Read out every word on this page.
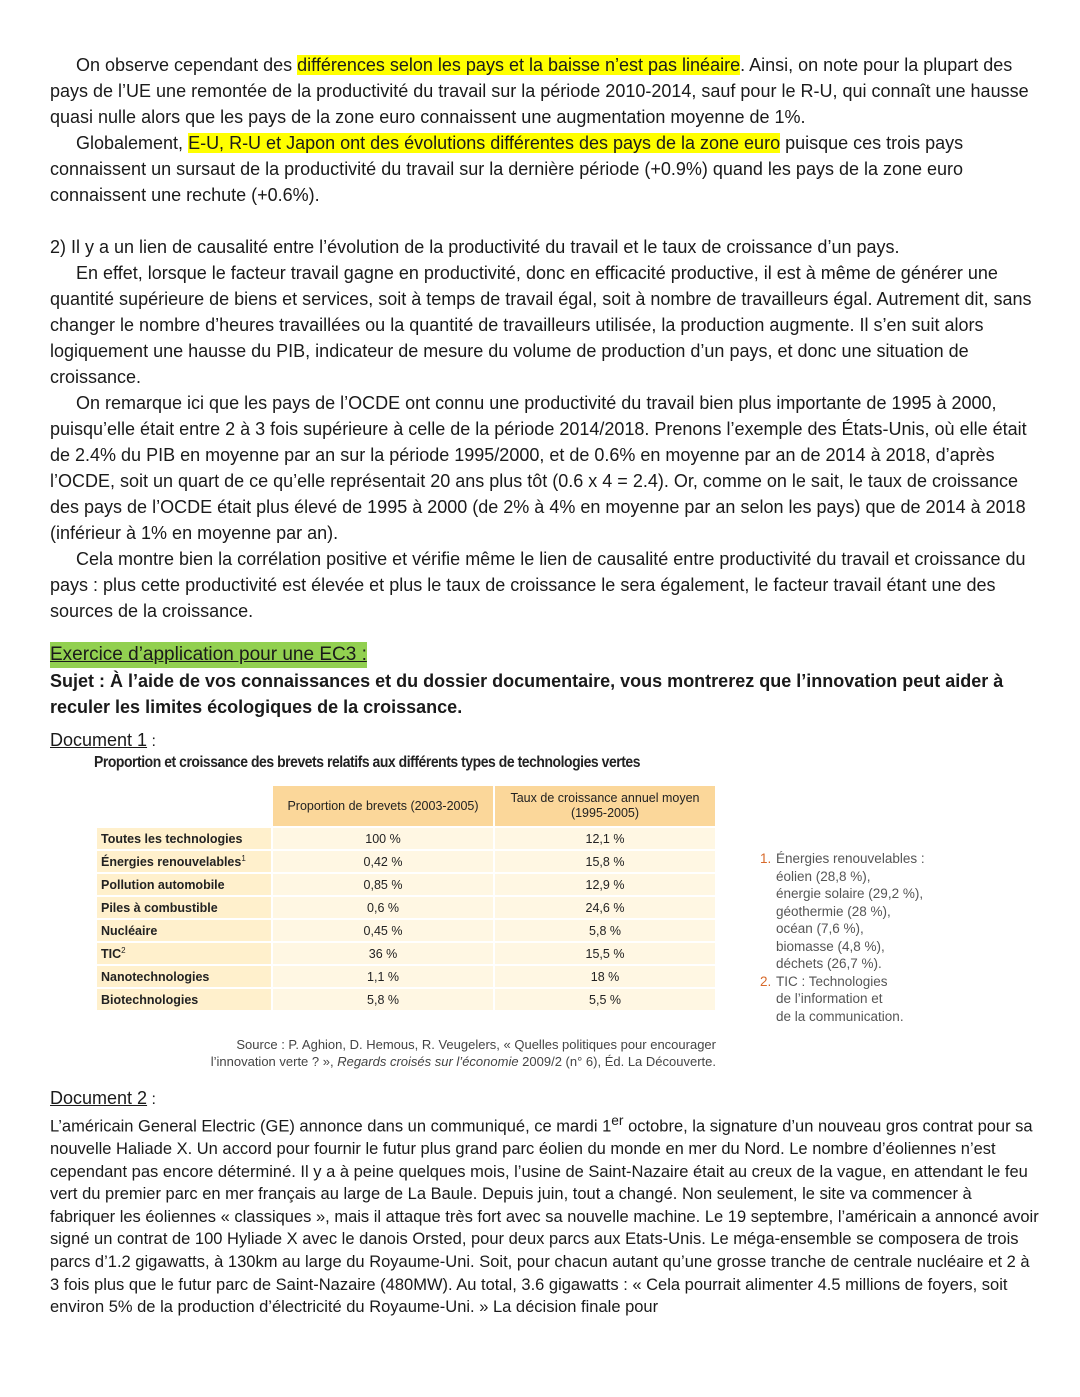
On observe cependant des différences selon les pays et la baisse n’est pas linéaire. Ainsi, on note pour la plupart des pays de l’UE une remontée de la productivité du travail sur la période 2010-2014, sauf pour le R-U, qui connaît une hausse quasi nulle alors que les pays de la zone euro connaissent une augmentation moyenne de 1%.

Globalement, E-U, R-U et Japon ont des évolutions différentes des pays de la zone euro puisque ces trois pays connaissent un sursaut de la productivité du travail sur la dernière période (+0.9%) quand les pays de la zone euro connaissent une rechute (+0.6%).

2) Il y a un lien de causalité entre l’évolution de la productivité du travail et le taux de croissance d’un pays.

En effet, lorsque le facteur travail gagne en productivité, donc en efficacité productive, il est à même de générer une quantité supérieure de biens et services, soit à temps de travail égal, soit à nombre de travailleurs égal. Autrement dit, sans changer le nombre d’heures travaillées ou la quantité de travailleurs utilisée, la production augmente. Il s’en suit alors logiquement une hausse du PIB, indicateur de mesure du volume de production d’un pays, et donc une situation de croissance.

On remarque ici que les pays de l’OCDE ont connu une productivité du travail bien plus importante de 1995 à 2000, puisqu’elle était entre 2 à 3 fois supérieure à celle de la période 2014/2018. Prenons l’exemple des États-Unis, où elle était de 2.4% du PIB en moyenne par an sur la période 1995/2000, et de 0.6% en moyenne par an de 2014 à 2018, d’après l’OCDE, soit un quart de ce qu’elle représentait 20 ans plus tôt (0.6 x 4 = 2.4). Or, comme on le sait, le taux de croissance des pays de l’OCDE était plus élevé de 1995 à 2000 (de 2% à 4% en moyenne par an selon les pays) que de 2014 à 2018 (inférieur à 1% en moyenne par an).

Cela montre bien la corrélation positive et vérifie même le lien de causalité entre productivité du travail et croissance du pays : plus cette productivité est élevée et plus le taux de croissance le sera également, le facteur travail étant une des sources de la croissance.

Exercice d’application pour une EC3 :

Sujet : À l’aide de vos connaissances et du dossier documentaire, vous montrerez que l’innovation peut aider à reculer les limites écologiques de la croissance.

Document 1 :
Proportion et croissance des brevets relatifs aux différents types de technologies vertes
	Proportion de brevets (2003-2005)	Taux de croissance annuel moyen (1995-2005)
Toutes les technologies	100 %	12,1 %
Énergies renouvelables$^1$	0,42 %	15,8 %
Pollution automobile	0,85 %	12,9 %
Piles à combustible	0,6 %	24,6 %
Nucléaire	0,45 %	5,8 %
TIC$^2$	36 %	15,5 %
Nanotechnologies	1,1 %	18 %
Biotechnologies	5,8 %	5,5 %
Source : P. Aghion, D. Hemous, R. Veugelers, « Quelles politiques pour encourager
l’innovation verte ? », Regards croisés sur l’économie 2009/2 (n° 6), Éd. La Découverte.
1. Énergies renouvelables :
éolien (28,8 %),
énergie solaire (29,2 %),
géothermie (28 %),
océan (7,6 %),
biomasse (4,8 %),
déchets (26,7 %).
2. TIC : Technologies
de l’information et
de la communication.
Document 2 :

L’américain General Electric (GE) annonce dans un communiqué, ce mardi 1er octobre, la signature d’un nouveau gros contrat pour sa nouvelle Haliade X. Un accord pour fournir le futur plus grand parc éolien du monde en mer du Nord. Le nombre d’éoliennes n’est cependant pas encore déterminé. Il y a à peine quelques mois, l’usine de Saint-Nazaire était au creux de la vague, en attendant le feu vert du premier parc en mer français au large de La Baule. Depuis juin, tout a changé. Non seulement, le site va commencer à fabriquer les éoliennes « classiques », mais il attaque très fort avec sa nouvelle machine. Le 19 septembre, l’américain a annoncé avoir signé un contrat de 100 Hyliade X avec le danois Orsted, pour deux parcs aux Etats-Unis. Le méga-ensemble se composera de trois parcs d’1.2 gigawatts, à 130km au large du Royaume-Uni. Soit, pour chacun autant qu’une grosse tranche de centrale nucléaire et 2 à 3 fois plus que le futur parc de Saint-Nazaire (480MW). Au total, 3.6 gigawatts : « Cela pourrait alimenter 4.5 millions de foyers, soit environ 5% de la production d’électricité du Royaume-Uni. » La décision finale pour
